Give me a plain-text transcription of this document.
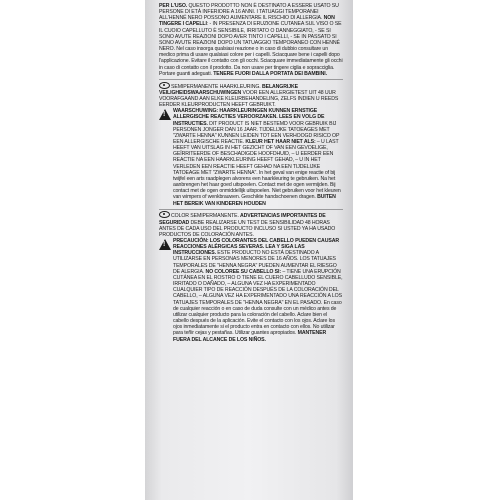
PER L'USO. QUESTO PRODOTTO NON È DESTINATO A ESSERE USATO SU PERSONE DI ETÀ INFERIORE A 16 ANNI. I TATUAGGI TEMPORANEI ALL'HENNÉ NERO POSSONO AUMENTARE IL RISCHIO DI ALLERGIA. NON TINGERE I CAPELLI: - IN PRESENZA DI ERUZIONE CUTANEA SUL VISO O SE IL CUOIO CAPELLUTO È SENSIBILE, IRRITATO O DANNEGGIATO, - SE SI SONO AVUTE REAZIONI DOPO AVER TINTO I CAPELLI, - SE IN PASSATO SI SONO AVUTE REAZIONI DOPO UN TATUAGGIO TEMPORANEO CON HENNÉ NERO. Nel caso insorga qualsiasi reazione o in caso di dubbio consultare un medico prima di usare qualsiasi colore per i capelli. Sciacquare bene i capelli dopo l'applicazione. Evitare il contatto con gli occhi. Sciacquare immediatamente gli occhi in caso di contatto con il prodotto. Da non usare per tingere ciglia e sopracciglia. Portare guanti adeguati. TENERE FUORI DALLA PORTATA DEI BAMBINI.

SEMIPERMANENTE HAARKLEURING. BELANGRIJKE VEILIGHEIDSWAARSCHUWINGEN VOOR EEN ALLERGIETEST UIT 48 UUR VOORAFGAAND AAN ELKE KLEURBEHANDELING, ZELFS INDIEN U REEDS EERDER KLEURPRODUCTEN HEEFT GEBRUIKT.

!

WAARSCHUWING: HAARKLEURINGEN KUNNEN ERNSTIGE ALLERGISCHE REACTIES VEROORZAKEN. LEES EN VOLG DE INSTRUCTIES. DIT PRODUCT IS NIET BESTEMD VOOR GEBRUIK BIJ PERSONEN JONGER DAN 16 JAAR. TIJDELIJKE TATOEAGES MET "ZWARTE HENNA" KUNNEN LEIDEN TOT EEN VERHOOGD RISICO OP EEN ALLERGISCHE REACTIE. KLEUR HET HAAR NIET ALS: – U LAST HEEFT VAN UITSLAG IN HET GEZICHT OF VAN EEN GEVOELIGE, GEÏRRITEERDE OF BESCHADIGDE HOOFDHUID, – U EERDER EEN REACTIE NA EEN HAARKLEURING HEEFT GEHAD, – U IN HET VERLEDEN EEN REACTIE HEEFT GEHAD NA EEN TIJDELIJKE TATOEAGE MET "ZWARTE HENNA". In het geval van enige reactie of bij twijfel een arts raadplegen alvorens een haarkleuring te gebruiken. Na het aanbrengen het haar goed uitspoelen. Contact met de ogen vermijden. Bij contact met de ogen onmiddellijk uitspoelen. Niet gebruiken voor het kleuren van wimpers of wenkbrauwen. Geschikte handschoenen dragen. BUITEN HET BEREIK VAN KINDEREN HOUDEN

COLOR SEMIPERMANENTE. ADVERTENCIAS IMPORTANTES DE SEGURIDAD DEBE REALIZARSE UN TEST DE SENSIBILIDAD 48 HORAS ANTES DE CADA USO DEL PRODUCTO INCLUSO SI USTED YA HA USADO PRODUCTOS DE COLORACIÓN ANTES.

!

PRECAUCIÓN: LOS COLORANTES DEL CABELLO PUEDEN CAUSAR REACCIONES ALÉRGICAS SEVERAS. LEA Y SIGA LAS INSTRUCCIONES. ESTE PRODUCTO NO ESTÁ DESTINADO A UTILIZARSE EN PERSONAS MENORES DE 16 AÑOS. LOS TATUAJES TEMPORALES DE "HENNA NEGRA" PUEDEN AUMENTAR EL RIESGO DE ALERGIA. NO COLOREE SU CABELLO SI: – TIENE UNA ERUPCIÓN CUTÁNEA EN EL ROSTRO O TIENE EL CUERO CABELLUDO SENSIBLE, IRRITADO O DAÑADO, – ALGUNA VEZ HA EXPERIMENTADO CUALQUIER TIPO DE REACCIÓN DESPUÉS DE LA COLORACIÓN DEL CABELLO, – ALGUNA VEZ HA EXPERIMENTADO UNA REACCIÓN A LOS TATUAJES TEMPORALES DE "HENNA NEGRA" EN EL PASADO. En caso de cualquier reacción o en caso de duda consulte con un médico antes de utilizar cualquier producto para la coloración del cabello. Aclare bien el cabello después de la aplicación. Evite el contacto con los ojos. Aclare los ojos inmediatamente si el producto entra en contacto con ellos. No utilizar para teñir cejas y pestañas. Utilizar guantes apropiados. MANTENER FUERA DEL ALCANCE DE LOS NIÑOS.
